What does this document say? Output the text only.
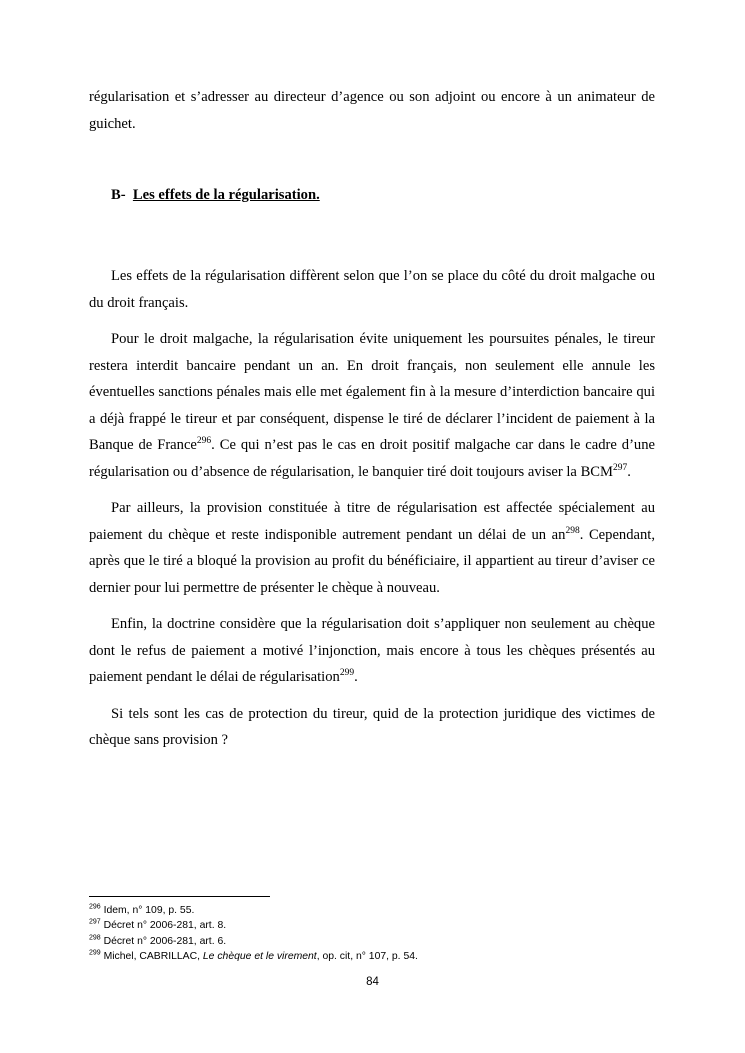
régularisation et s’adresser au directeur d’agence ou son adjoint ou encore à un animateur de guichet.

B- Les effets de la régularisation.

Les effets de la régularisation diffèrent selon que l’on se place du côté du droit malgache ou du droit français.

Pour le droit malgache, la régularisation évite uniquement les poursuites pénales, le tireur restera interdit bancaire pendant un an. En droit français, non seulement elle annule les éventuelles sanctions pénales mais elle met également fin à la mesure d’interdiction bancaire qui a déjà frappé le tireur et par conséquent, dispense le tiré de déclarer l’incident de paiement à la Banque de France$^{296}$. Ce qui n’est pas le cas en droit positif malgache car dans le cadre d’une régularisation ou d’absence de régularisation, le banquier tiré doit toujours aviser la BCM$^{297}$.

Par ailleurs, la provision constituée à titre de régularisation est affectée spécialement au paiement du chèque et reste indisponible autrement pendant un délai de un $an^{298}$. Cependant, après que le tiré a bloqué la provision au profit du bénéficiaire, il appartient au tireur d’aviser ce dernier pour lui permettre de présenter le chèque à nouveau.

Enfin, la doctrine considère que la régularisation doit s’appliquer non seulement au chèque dont le refus de paiement a motivé l’injonction, mais encore à tous les chèques présentés au paiement pendant le délai de régularisation$^{299}$.

Si tels sont les cas de protection du tireur, quid de la protection juridique des victimes de chèque sans provision ?

$^{296}$ Idem, n° 109, p. 55.
$^{297}$ Décret n° 2006-281, art. 8.
$^{298}$ Décret n° 2006-281, art. 6.
$^{299}$ Michel, CABRILLAC, Le chèque et le virement, op. cit, n° 107, p. 54.
84
